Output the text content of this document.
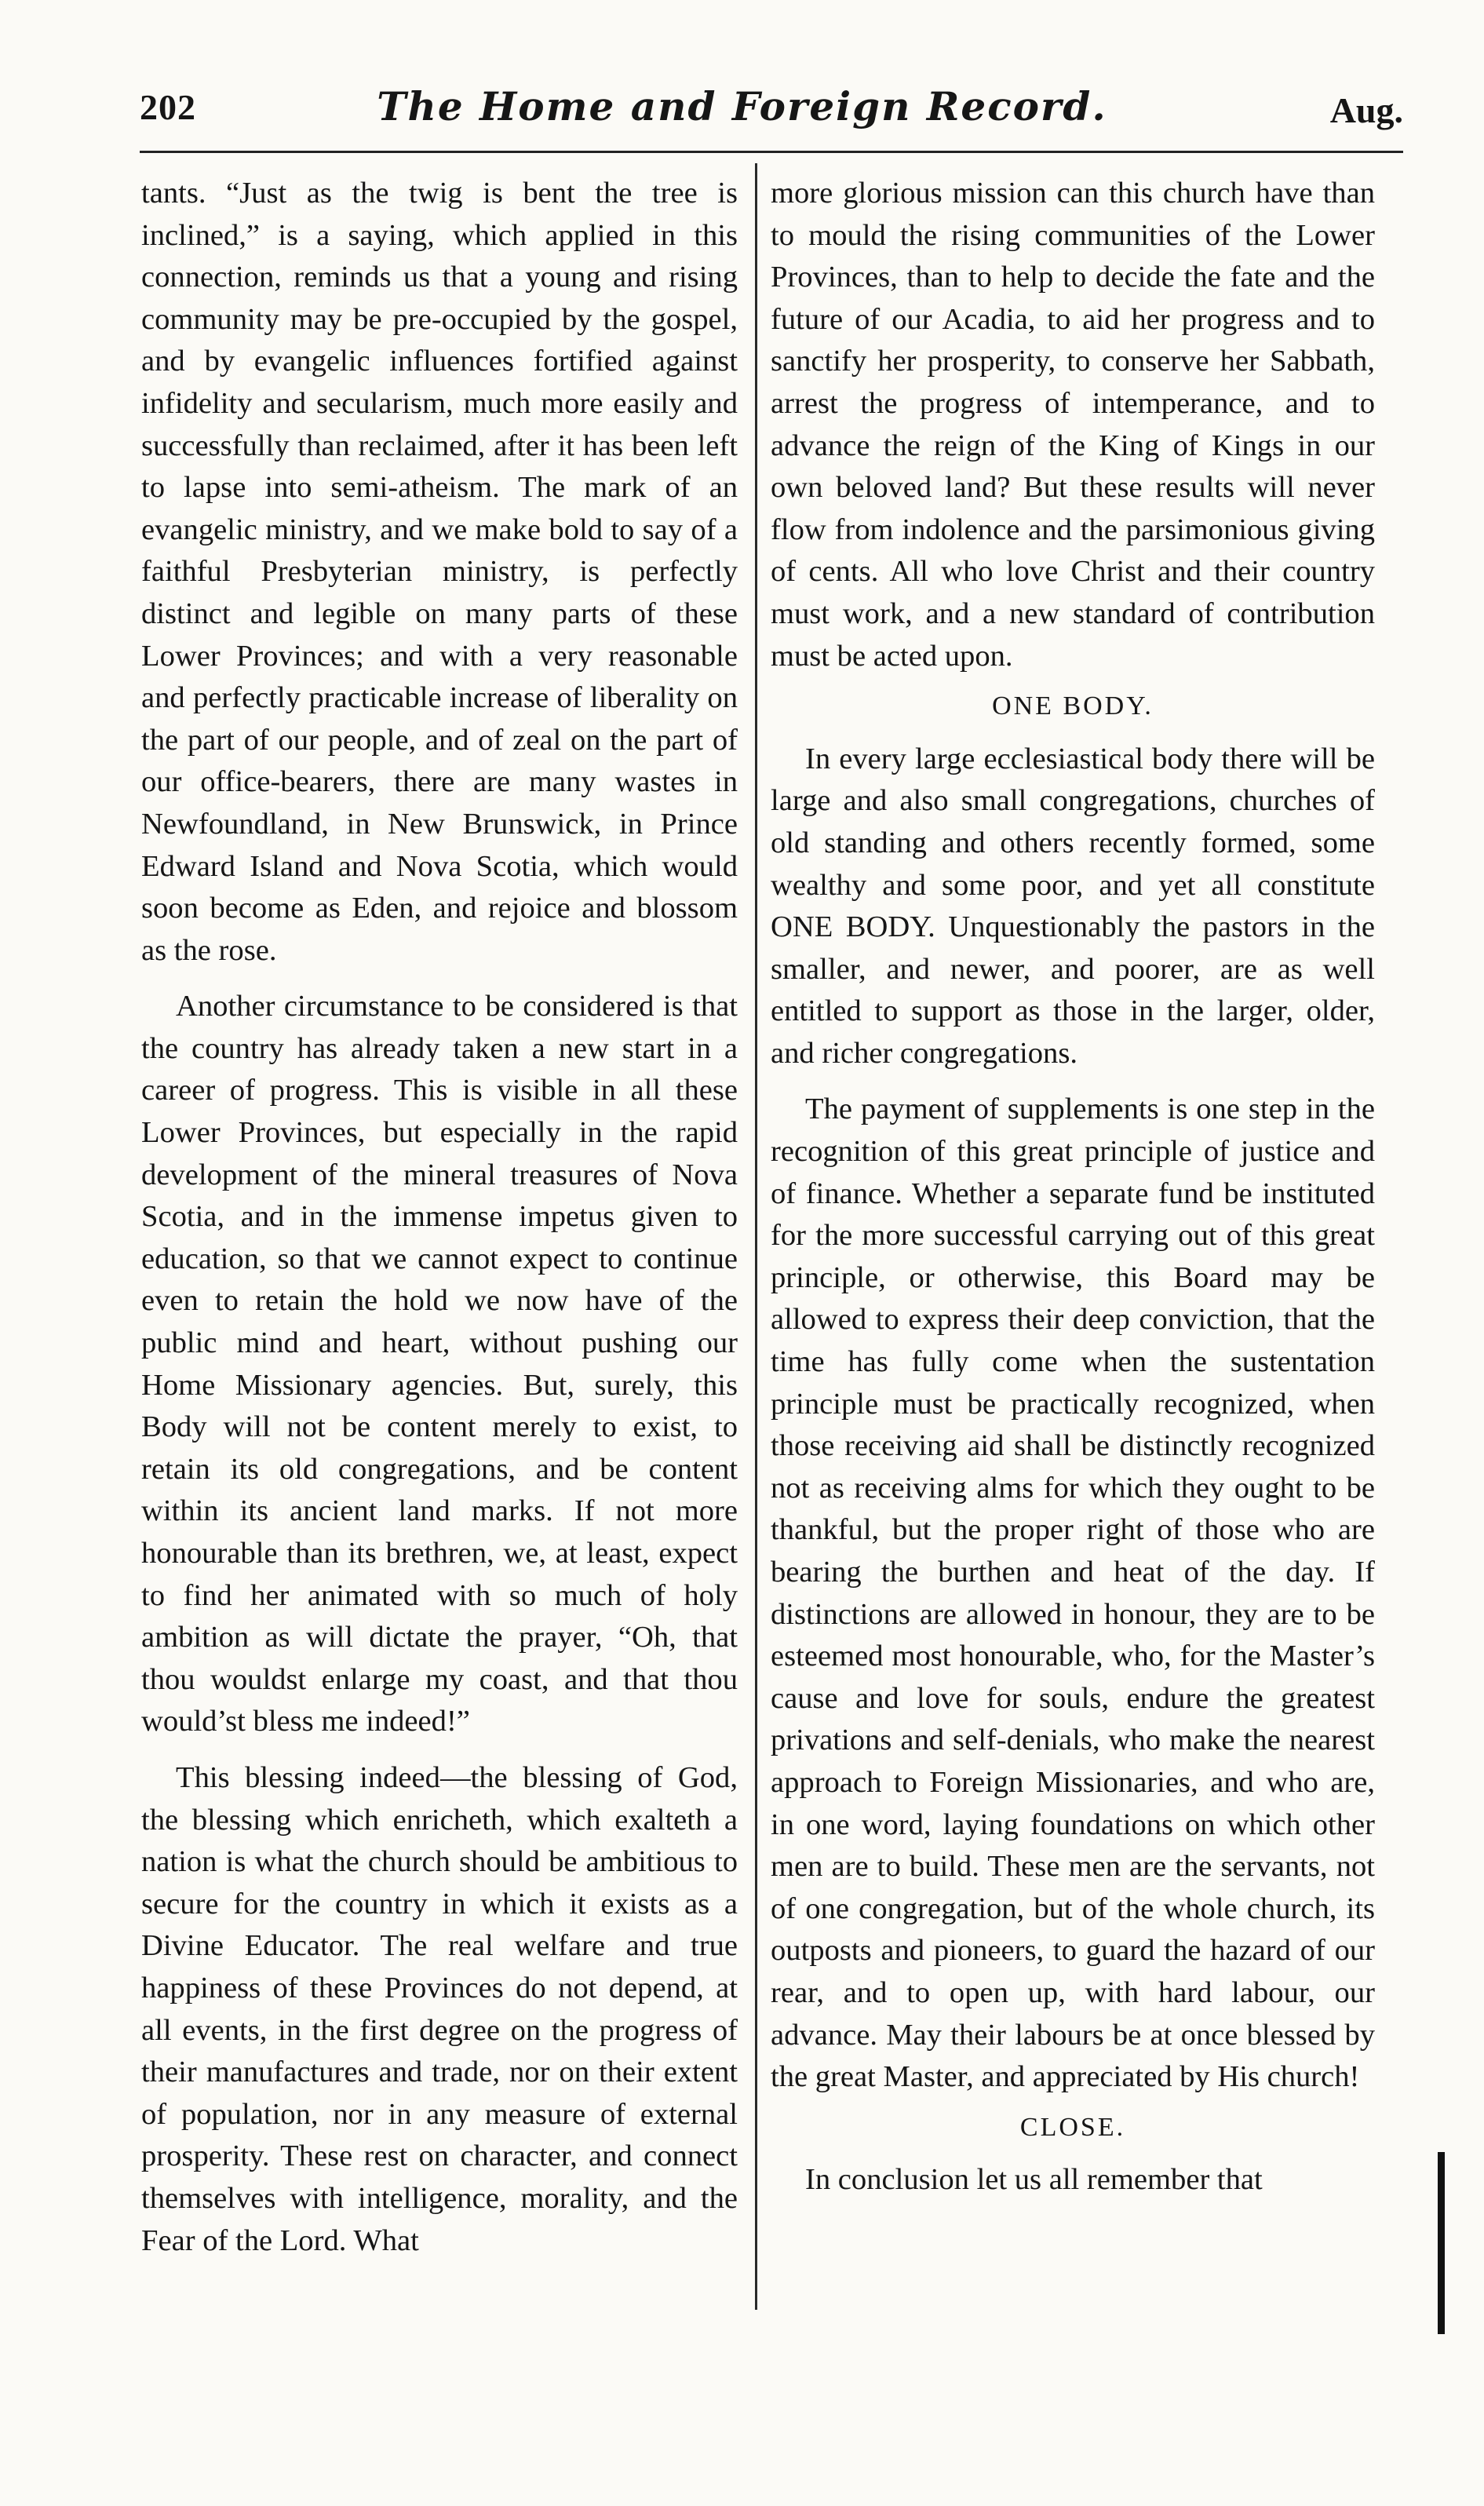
202	The Home and Foreign Record.	Aug.

tants. “Just as the twig is bent the tree is inclined,” is a saying, which applied in this connection, reminds us that a young and rising community may be pre-occupied by the gospel, and by evangelic influences fortified against infidelity and secularism, much more easily and successfully than reclaimed, after it has been left to lapse into semi-atheism. The mark of an evangelic ministry, and we make bold to say of a faithful Presbyterian ministry, is perfectly distinct and legible on many parts of these Lower Provinces; and with a very reasonable and perfectly practicable increase of liberality on the part of our people, and of zeal on the part of our office-bearers, there are many wastes in Newfoundland, in New Brunswick, in Prince Edward Island and Nova Scotia, which would soon become as Eden, and rejoice and blossom as the rose.

Another circumstance to be considered is that the country has already taken a new start in a career of progress. This is visible in all these Lower Provinces, but especially in the rapid development of the mineral treasures of Nova Scotia, and in the immense impetus given to education, so that we cannot expect to continue even to retain the hold we now have of the public mind and heart, without pushing our Home Missionary agencies. But, surely, this Body will not be content merely to exist, to retain its old congregations, and be content within its ancient land marks. If not more honourable than its brethren, we, at least, expect to find her animated with so much of holy ambition as will dictate the prayer, “Oh, that thou wouldst enlarge my coast, and that thou would’st bless me indeed!”

This blessing indeed—the blessing of God, the blessing which enricheth, which exalteth a nation is what the church should be ambitious to secure for the country in which it exists as a Divine Educator. The real welfare and true happiness of these Provinces do not depend, at all events, in the first degree on the progress of their manufactures and trade, nor on their extent of population, nor in any measure of external prosperity. These rest on character, and connect themselves with intelligence, morality, and the Fear of the Lord. What

more glorious mission can this church have than to mould the rising communities of the Lower Provinces, than to help to decide the fate and the future of our Acadia, to aid her progress and to sanctify her prosperity, to conserve her Sabbath, arrest the progress of intemperance, and to advance the reign of the King of Kings in our own beloved land? But these results will never flow from indolence and the parsimonious giving of cents. All who love Christ and their country must work, and a new standard of contribution must be acted upon.

ONE BODY.

In every large ecclesiastical body there will be large and also small congregations, churches of old standing and others recently formed, some wealthy and some poor, and yet all constitute ONE BODY. Unquestionably the pastors in the smaller, and newer, and poorer, are as well entitled to support as those in the larger, older, and richer congregations.

The payment of supplements is one step in the recognition of this great principle of justice and of finance. Whether a separate fund be instituted for the more successful carrying out of this great principle, or otherwise, this Board may be allowed to express their deep conviction, that the time has fully come when the sustentation principle must be practically recognized, when those receiving aid shall be distinctly recognized not as receiving alms for which they ought to be thankful, but the proper right of those who are bearing the burthen and heat of the day. If distinctions are allowed in honour, they are to be esteemed most honourable, who, for the Master’s cause and love for souls, endure the greatest privations and self-denials, who make the nearest approach to Foreign Missionaries, and who are, in one word, laying foundations on which other men are to build. These men are the servants, not of one congregation, but of the whole church, its outposts and pioneers, to guard the hazard of our rear, and to open up, with hard labour, our advance. May their labours be at once blessed by the great Master, and appreciated by His church!

CLOSE.

In conclusion let us all remember that
